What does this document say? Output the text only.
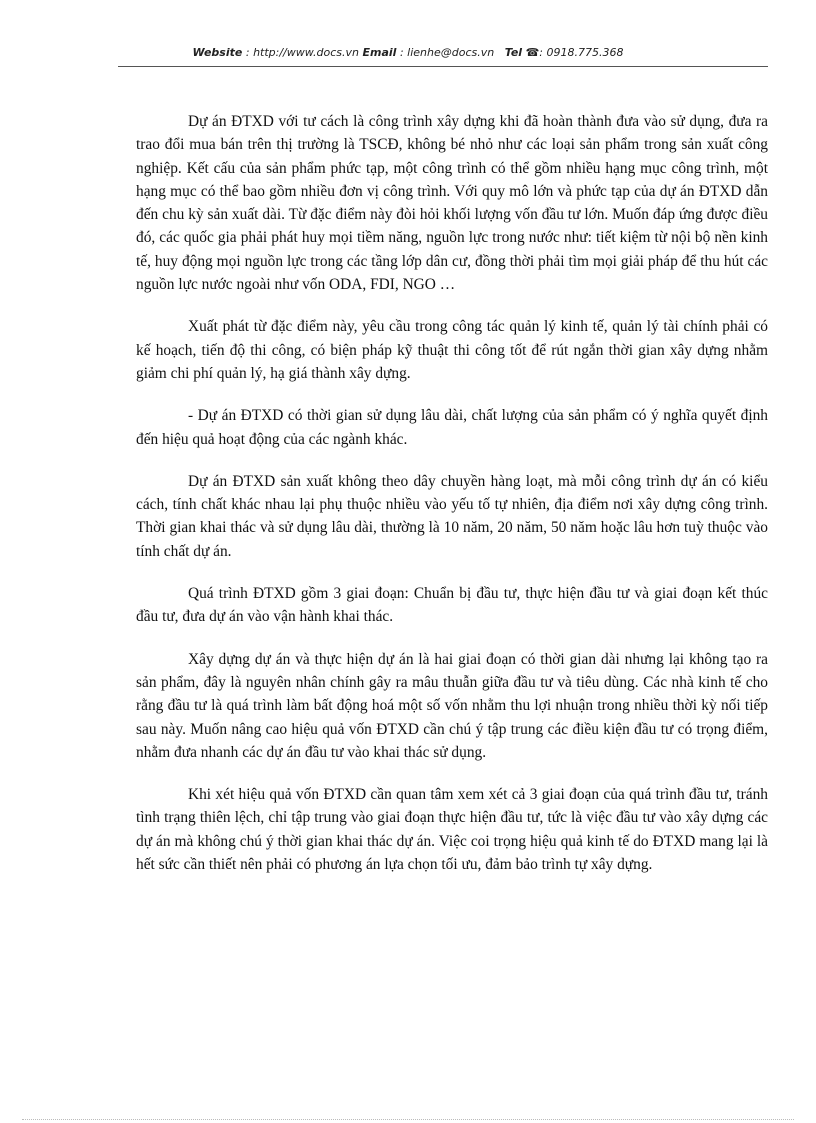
Website : http://www.docs.vn Email : lienhe@docs.vn Tel ☎: 0918.775.368

Dự án ĐTXD với tư cách là công trình xây dựng khi đã hoàn thành đưa vào sử dụng, đưa ra trao đổi mua bán trên thị trường là TSCĐ, không bé nhỏ như các loại sản phẩm trong sản xuất công nghiệp. Kết cấu của sản phẩm phức tạp, một công trình có thể gồm nhiều hạng mục công trình, một hạng mục có thể bao gồm nhiều đơn vị công trình. Với quy mô lớn và phức tạp của dự án ĐTXD dẫn đến chu kỳ sản xuất dài. Từ đặc điểm này đòi hỏi khối lượng vốn đầu tư lớn. Muốn đáp ứng được điều đó, các quốc gia phải phát huy mọi tiềm năng, nguồn lực trong nước như: tiết kiệm từ nội bộ nền kinh tế, huy động mọi nguồn lực trong các tầng lớp dân cư, đồng thời phải tìm mọi giải pháp để thu hút các nguồn lực nước ngoài như vốn ODA, FDI, NGO …

Xuất phát từ đặc điểm này, yêu cầu trong công tác quản lý kinh tế, quản lý tài chính phải có kế hoạch, tiến độ thi công, có biện pháp kỹ thuật thi công tốt để rút ngắn thời gian xây dựng nhằm giảm chi phí quản lý, hạ giá thành xây dựng.

- Dự án ĐTXD có thời gian sử dụng lâu dài, chất lượng của sản phẩm có ý nghĩa quyết định đến hiệu quả hoạt động của các ngành khác.

Dự án ĐTXD sản xuất không theo dây chuyền hàng loạt, mà mỗi công trình dự án có kiểu cách, tính chất khác nhau lại phụ thuộc nhiều vào yếu tố tự nhiên, địa điểm nơi xây dựng công trình. Thời gian khai thác và sử dụng lâu dài, thường là 10 năm, 20 năm, 50 năm hoặc lâu hơn tuỳ thuộc vào tính chất dự án.

Quá trình ĐTXD gồm 3 giai đoạn: Chuẩn bị đầu tư, thực hiện đầu tư và giai đoạn kết thúc đầu tư, đưa dự án vào vận hành khai thác.

Xây dựng dự án và thực hiện dự án là hai giai đoạn có thời gian dài nhưng lại không tạo ra sản phẩm, đây là nguyên nhân chính gây ra mâu thuẫn giữa đầu tư và tiêu dùng. Các nhà kinh tế cho rằng đầu tư là quá trình làm bất động hoá một số vốn nhằm thu lợi nhuận trong nhiều thời kỳ nối tiếp sau này. Muốn nâng cao hiệu quả vốn ĐTXD cần chú ý tập trung các điều kiện đầu tư có trọng điểm, nhằm đưa nhanh các dự án đầu tư vào khai thác sử dụng.

Khi xét hiệu quả vốn ĐTXD cần quan tâm xem xét cả 3 giai đoạn của quá trình đầu tư, tránh tình trạng thiên lệch, chỉ tập trung vào giai đoạn thực hiện đầu tư, tức là việc đầu tư vào xây dựng các dự án mà không chú ý thời gian khai thác dự án. Việc coi trọng hiệu quả kinh tế do ĐTXD mang lại là hết sức cần thiết nên phải có phương án lựa chọn tối ưu, đảm bảo trình tự xây dựng.
